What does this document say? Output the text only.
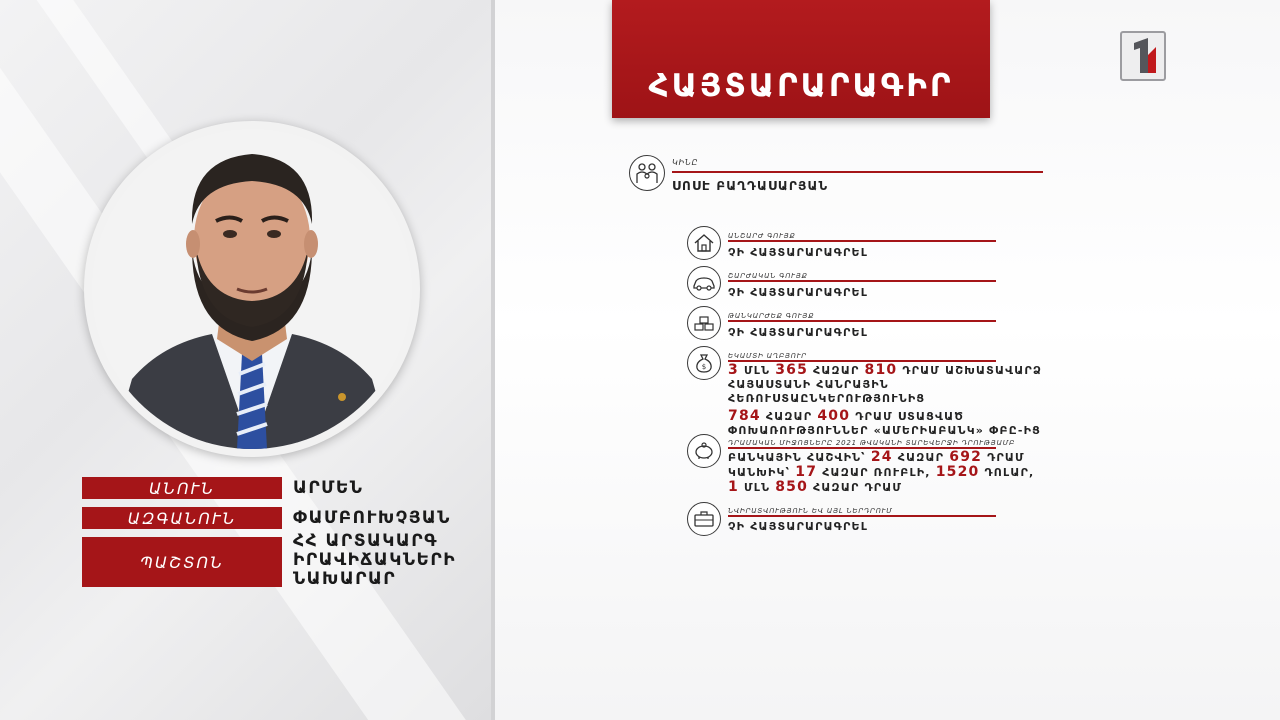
ԱՆՈՒՆ	ԱՐՄԵՆ
ԱԶԳԱՆՈՒՆ	ՓԱՄԲՈՒԽՉՅԱՆ
ՊԱՇՏՈՆ
ՀՀ ԱՐՏԱԿԱՐԳ
ԻՐԱՎԻՃԱԿՆԵՐԻ
ՆԱԽԱՐԱՐ
ՀԱՅՏԱՐԱՐԱԳԻՐ
ԿԻՆԸ
ՍՈՍԷ ԲԱՂԴԱՍԱՐՅԱՆ
ԱՆՇԱՐԺ ԳՈՒՅՔ
ՉԻ ՀԱՅՏԱՐԱՐԱԳՐԵԼ
ՇԱՐԺԱԿԱՆ ԳՈՒՅՔ
ՉԻ ՀԱՅՏԱՐԱՐԱԳՐԵԼ
ԹԱՆԿԱՐԺԵՔ ԳՈՒՅՔ
ՉԻ ՀԱՅՏԱՐԱՐԱԳՐԵԼ
$
ԵԿԱՄՏԻ ԱՂԲՅՈՒՐ
3 ՄԼՆ 365 ՀԱԶԱՐ 810 ԴՐԱՄ ԱՇԽԱՏԱՎԱՐՁ
ՀԱՅԱՍՏԱՆԻ ՀԱՆՐԱՅԻՆ
ՀԵՌՈՒՍՏԱԸՆԿԵՐՈՒԹՅՈՒՆԻՑ
784 ՀԱԶԱՐ 400 ԴՐԱՄ ՍՏԱՑՎԱԾ
ՓՈԽԱՌՈՒԹՅՈՒՆՆԵՐ «ԱՄԵՐԻԱԲԱՆԿ» ՓԲԸ-ԻՑ
ԴՐԱՄԱԿԱՆ ՄԻՋՈՑՆԵՐԸ 2021 ԹՎԱԿԱՆԻ ՏԱՐԵՎԵՐՋԻ ԴՐՈՒԹՅԱՄԲ
ԲԱՆԿԱՅԻՆ ՀԱՇՎԻՆ՝ 24 ՀԱԶԱՐ 692 ԴՐԱՄ
ԿԱՆԽԻԿ՝ 17 ՀԱԶԱՐ ՌՈՒԲԼԻ, 1520 ԴՈԼԱՐ,
1 ՄԼՆ 850 ՀԱԶԱՐ ԴՐԱՄ
ՆՎԻՐԱՏՎՈՒԹՅՈՒՆ ԵՎ ԱՅԼ ՆԵՐԴՐՈՒՄ
ՉԻ ՀԱՅՏԱՐԱՐԱԳՐԵԼ
